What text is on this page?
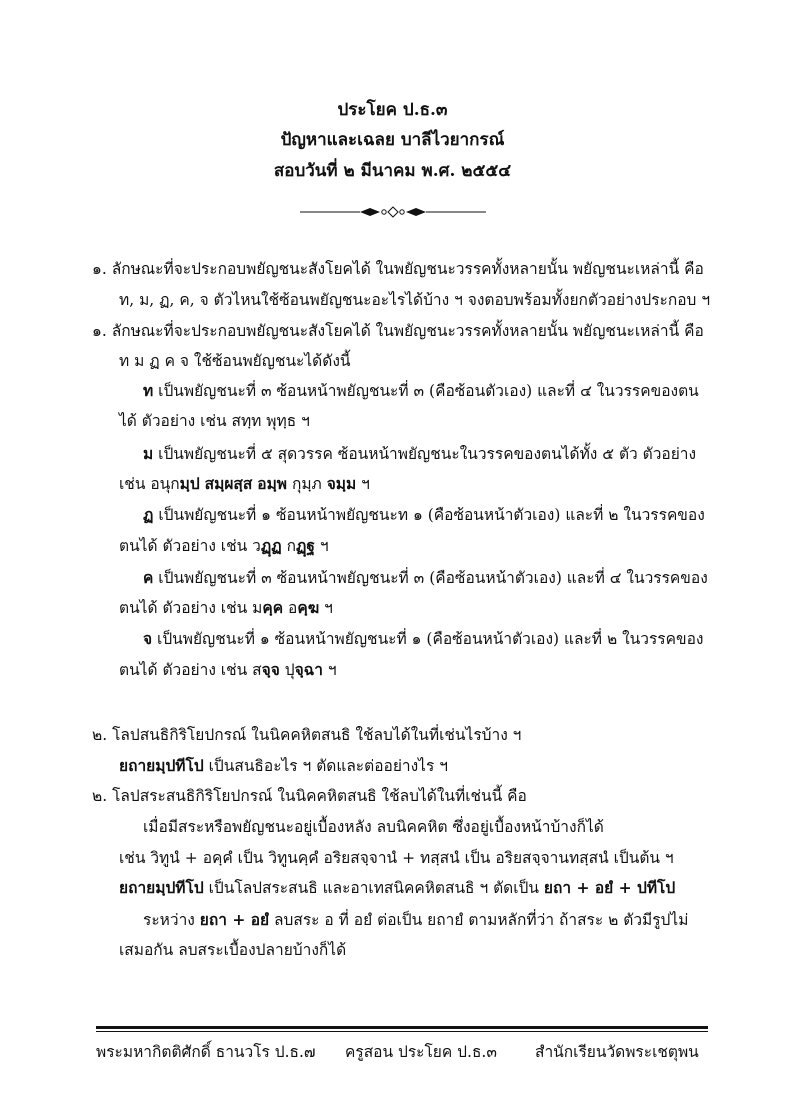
ประโยค ป.ธ.๓
ปัญหาและเฉลย บาลีไวยากรณ์
สอบวันที่ ๒ มีนาคม พ.ศ. ๒๕๕๔
๑. ลักษณะที่จะประกอบพยัญชนะสังโยคได้ ในพยัญชนะวรรคทั้งหลายนั้น พยัญชนะเหล่านี้ คือ
ท, ม, ฏ, ค, จ ตัวไหนใช้ซ้อนพยัญชนะอะไรได้บ้าง ฯ จงตอบพร้อมทั้งยกตัวอย่างประกอบ ฯ
๑. ลักษณะที่จะประกอบพยัญชนะสังโยคได้ ในพยัญชนะวรรคทั้งหลายนั้น พยัญชนะเหล่านี้ คือ
ท ม ฏ ค จ ใช้ซ้อนพยัญชนะได้ดังนี้
ท เป็นพยัญชนะที่ ๓ ซ้อนหน้าพยัญชนะที่ ๓ (คือซ้อนตัวเอง) และที่ ๔ ในวรรคของตน
ได้ ตัวอย่าง เช่น สทฺท พุทฺธ ฯ
ม เป็นพยัญชนะที่ ๕ สุดวรรค ซ้อนหน้าพยัญชนะในวรรคของตนได้ทั้ง ๕ ตัว ตัวอย่าง
เช่น อนุกมฺป สมฺผสฺส อมฺพ กุมฺภ จมฺม ฯ
ฏ เป็นพยัญชนะที่ ๑ ซ้อนหน้าพยัญชนะท ๑ (คือซ้อนหน้าตัวเอง) และที่ ๒ ในวรรคของ
ตนได้ ตัวอย่าง เช่น วฏฺฏ กฏฺฐ ฯ
ค เป็นพยัญชนะที่ ๓ ซ้อนหน้าพยัญชนะที่ ๓ (คือซ้อนหน้าตัวเอง) และที่ ๔ ในวรรคของ
ตนได้ ตัวอย่าง เช่น มคฺค อคฺฆ ฯ
จ เป็นพยัญชนะที่ ๑ ซ้อนหน้าพยัญชนะที่ ๑ (คือซ้อนหน้าตัวเอง) และที่ ๒ ในวรรคของ
ตนได้ ตัวอย่าง เช่น สจฺจ ปุจฺฉา ฯ
๒. โลปสนธิกิริโยปกรณ์ ในนิคคหิตสนธิ ใช้ลบได้ในที่เช่นไรบ้าง ฯ
ยถายมฺปทีโป เป็นสนธิอะไร ฯ ตัดและต่ออย่างไร ฯ
๒. โลปสระสนธิกิริโยปกรณ์ ในนิคคหิตสนธิ ใช้ลบได้ในที่เช่นนี้ คือ
เมื่อมีสระหรือพยัญชนะอยู่เบื้องหลัง ลบนิคคหิต ซึ่งอยู่เบื้องหน้าบ้างก็ได้
เช่น วิทูนํ + อคฺคํ เป็น วิทูนคฺคํ อริยสจฺจานํ + ทสฺสนํ เป็น อริยสจฺจานทสฺสนํ เป็นต้น ฯ
ยถายมฺปทีโป เป็นโลปสระสนธิ และอาเทสนิคคหิตสนธิ ฯ ตัดเป็น ยถา + อยํ + ปทีโป
ระหว่าง ยถา + อยํ ลบสระ อ ที่ อยํ ต่อเป็น ยถายํ ตามหลักที่ว่า ถ้าสระ ๒ ตัวมีรูปไม่
เสมอกัน ลบสระเบื้องปลายบ้างก็ได้
พระมหากิตติศักดิ์ ธานวโร ป.ธ.๗ ครูสอน ประโยค ป.ธ.๓ สำนักเรียนวัดพระเชตุพน
